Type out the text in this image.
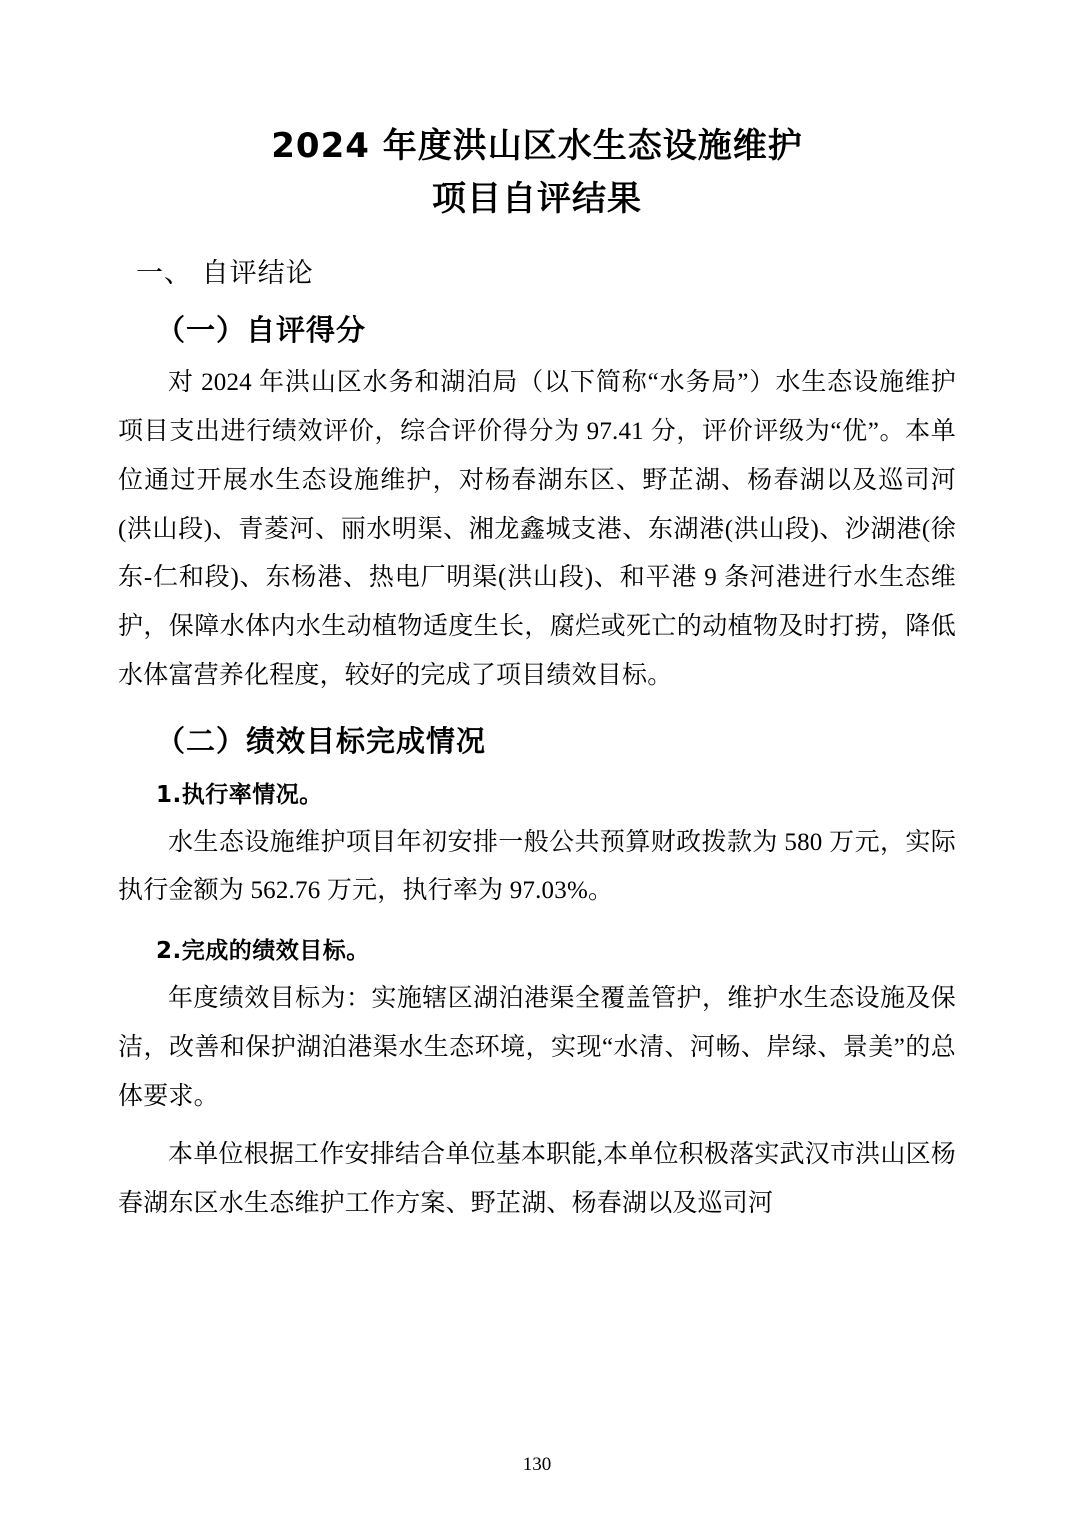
2024 年度洪山区水生态设施维护
项目自评结果
一、 自评结论
（一）自评得分

对 2024 年洪山区水务和湖泊局（以下简称“水务局”）水生态设施维护项目支出进行绩效评价，综合评价得分为 97.41 分，评价评级为“优”。本单位通过开展水生态设施维护，对杨春湖东区、野芷湖、杨春湖以及巡司河(洪山段)、青菱河、丽水明渠、湘龙鑫城支港、东湖港(洪山段)、沙湖港(徐东-仁和段)、东杨港、热电厂明渠(洪山段)、和平港 9 条河港进行水生态维护，保障水体内水生动植物适度生长，腐烂或死亡的动植物及时打捞，降低水体富营养化程度，较好的完成了项目绩效目标。

（二）绩效目标完成情况
1.执行率情况。

水生态设施维护项目年初安排一般公共预算财政拨款为 580 万元，实际执行金额为 562.76 万元，执行率为 97.03%。

2.完成的绩效目标。

年度绩效目标为：实施辖区湖泊港渠全覆盖管护，维护水生态设施及保洁，改善和保护湖泊港渠水生态环境，实现“水清、河畅、岸绿、景美”的总体要求。

本单位根据工作安排结合单位基本职能,本单位积极落实武汉市洪山区杨春湖东区水生态维护工作方案、野芷湖、杨春湖以及巡司河

130
